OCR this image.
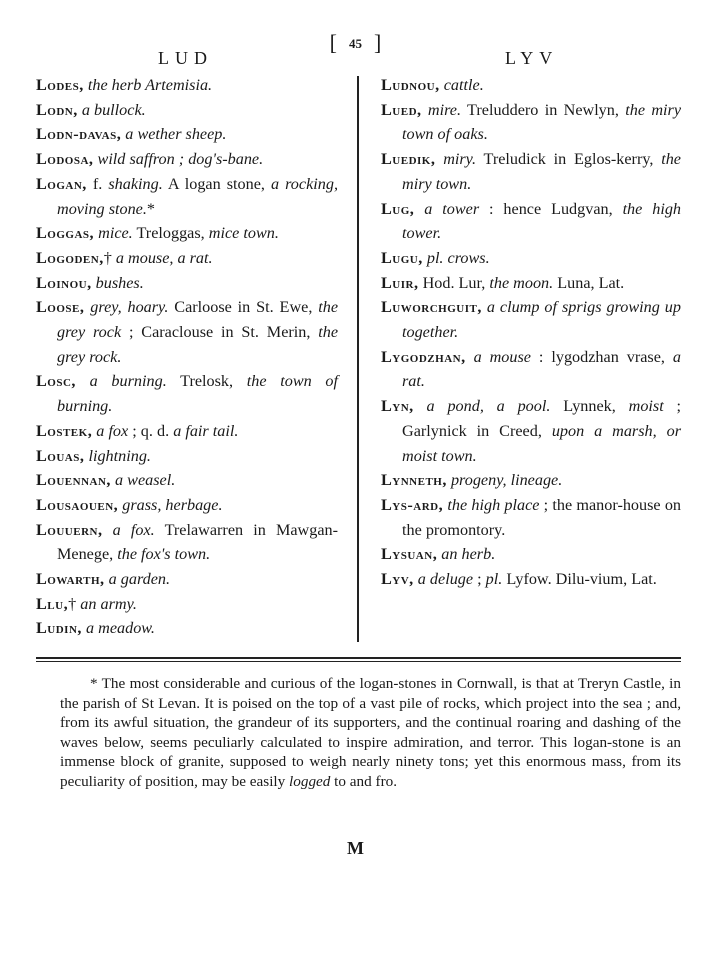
[ 45 ]
LUD	LYV
Lodes, the herb Artemisia.
Lodn, a bullock.
Lodn-davas, a wether sheep.
Lodosa, wild saffron ; dog's-bane.
Logan, f. shaking. A logan stone, a rocking, moving stone.*
Loggas, mice. Treloggas, mice town.
Logoden,† a mouse, a rat.
Loinou, bushes.
Loose, grey, hoary. Carloose in St. Ewe, the grey rock ; Caraclouse in St. Merin, the grey rock.
Losc, a burning. Trelosk, the town of burning.
Lostek, a fox ; q. d. a fair tail.
Louas, lightning.
Louennan, a weasel.
Lousaouen, grass, herbage.
Louuern, a fox. Trelawarren in Mawgan-Menege, the fox's town.
Lowarth, a garden.
Llu,† an army.
Ludin, a meadow.
Ludnou, cattle.
Lued, mire. Treluddero in Newlyn, the miry town of oaks.
Luedik, miry. Treludick in Eglos-kerry, the miry town.
Lug, a tower : hence Ludgvan, the high tower.
Lugu, pl. crows.
Luir, Hod. Lur, the moon. Luna, Lat.
Luworchguit, a clump of sprigs growing up together.
Lygodzhan, a mouse : lygodzhan vrase, a rat.
Lyn, a pond, a pool. Lynnek, moist ; Garlynick in Creed, upon a marsh, or moist town.
Lynneth, progeny, lineage.
Lys-ard, the high place ; the manor-house on the promontory.
Lysuan, an herb.
Lyv, a deluge ; pl. Lyfow. Dilu-vium, Lat.
* The most considerable and curious of the logan-stones in Cornwall, is that at Treryn Castle, in the parish of St Levan. It is poised on the top of a vast pile of rocks, which project into the sea ; and, from its awful situation, the grandeur of its supporters, and the continual roaring and dashing of the waves below, seems peculiarly calculated to inspire admiration, and terror. This logan-stone is an immense block of granite, supposed to weigh nearly ninety tons; yet this enormous mass, from its peculiarity of position, may be easily logged to and fro.
M
